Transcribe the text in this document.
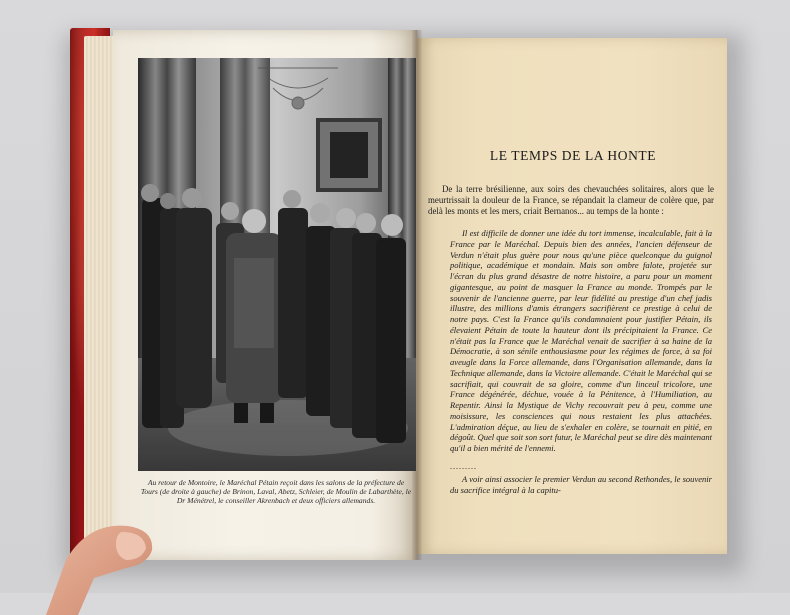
Au retour de Montoire, le Maréchal Pétain reçoit dans les salons de la préfecture de Tours (de droite à gauche) de Brinon, Laval, Abetz, Schleier, de Moulin de Labarthète, le Dr Ménétrel, le conseiller Akrenbach et deux officiers allemands.
LE TEMPS DE LA HONTE

De la terre brésilienne, aux soirs des chevauchées solitaires, alors que le meurtrissait la douleur de la France, se répandait la clameur de colère que, par delà les monts et les mers, criait Bernanos... au temps de la honte :

Il est difficile de donner une idée du tort immense, incalculable, fait à la France par le Maréchal. Depuis bien des années, l'ancien défenseur de Verdun n'était plus guère pour nous qu'une pièce quelconque du guignol politique, académique et mondain. Mais son ombre falote, projetée sur l'écran du plus grand désastre de notre histoire, a paru pour un moment gigantesque, au point de masquer la France au monde. Trompés par le souvenir de l'ancienne guerre, par leur fidélité au prestige d'un chef jadis illustre, des millions d'amis étrangers sacrifièrent ce prestige à celui de notre pays. C'est la France qu'ils condamnaient pour justifier Pétain, ils élevaient Pétain de toute la hauteur dont ils précipitaient la France. Ce n'était pas la France que le Maréchal venait de sacrifier à sa haine de la Démocratie, à son sénile enthousiasme pour les régimes de force, à sa foi aveugle dans la Force allemande, dans l'Organisation allemande, dans la Technique allemande, dans la Victoire allemande. C'était le Maréchal qui se sacrifiait, qui couvrait de sa gloire, comme d'un linceul tricolore, une France dégénérée, déchue, vouée à la Pénitence, à l'Humiliation, au Repentir. Ainsi la Mystique de Vichy recouvrait peu à peu, comme une moisissure, les consciences qui nous restaient les plus attachées. L'admiration déçue, au lieu de s'exhaler en colère, se tournait en pitié, en dégoût. Quel que soit son sort futur, le Maréchal peut se dire dès maintenant qu'il a bien mérité de l'ennemi.

.........

A voir ainsi associer le premier Verdun au second Rethondes, le souvenir du sacrifice intégral à la capitu-
